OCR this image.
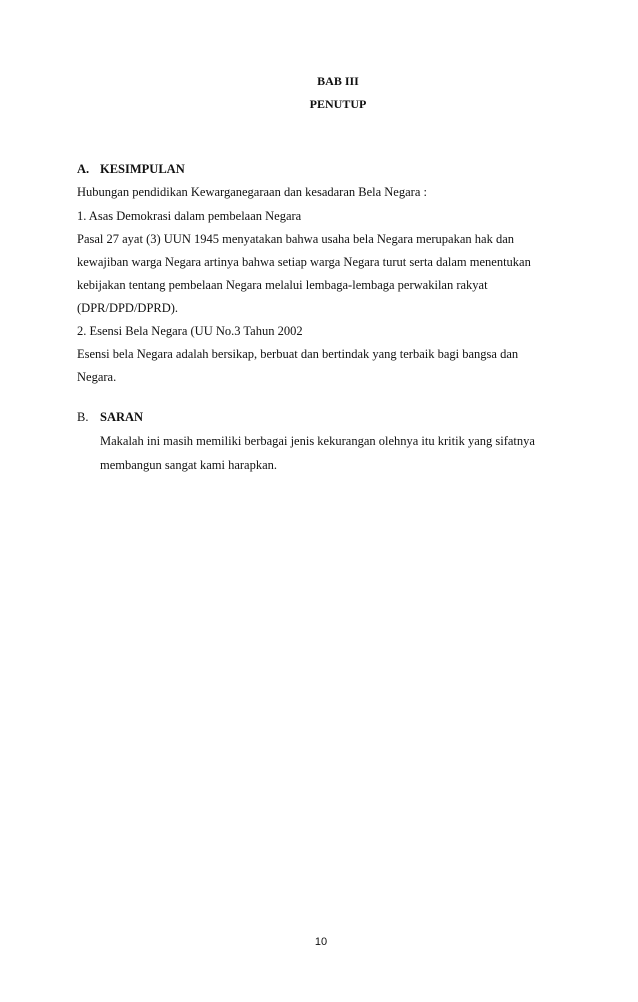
BAB III
PENUTUP
A. KESIMPULAN
Hubungan pendidikan Kewarganegaraan dan kesadaran Bela Negara :
1. Asas Demokrasi dalam pembelaan Negara
Pasal 27 ayat (3) UUN 1945 menyatakan bahwa usaha bela Negara merupakan hak dan
kewajiban warga Negara artinya bahwa setiap warga Negara turut serta dalam menentukan
kebijakan tentang pembelaan Negara melalui lembaga-lembaga perwakilan rakyat
(DPR/DPD/DPRD).
2. Esensi Bela Negara (UU No.3 Tahun 2002
Esensi bela Negara adalah bersikap, berbuat dan bertindak yang terbaik bagi bangsa dan
Negara.
B. SARAN
Makalah ini masih memiliki berbagai jenis kekurangan olehnya itu kritik yang sifatnya
membangun sangat kami harapkan.
10
